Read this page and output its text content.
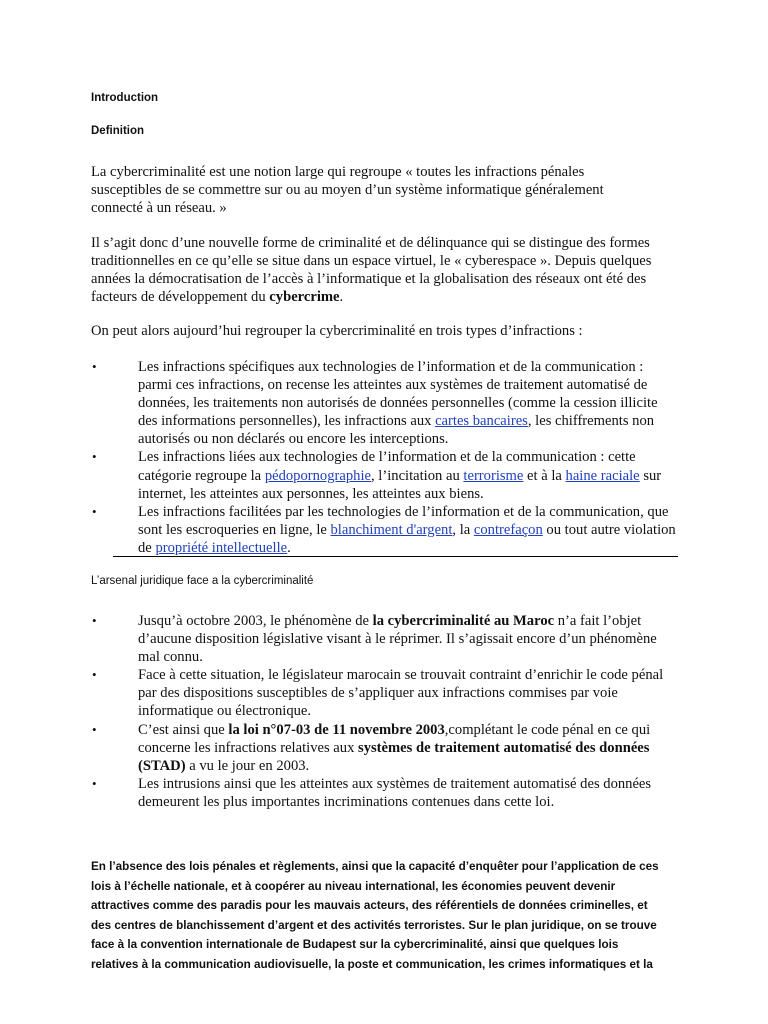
Introduction
Definition

La cybercriminalité est une notion large qui regroupe « toutes les infractions pénales susceptibles de se commettre sur ou au moyen d’un système informatique généralement connecté à un réseau. »

Il s’agit donc d’une nouvelle forme de criminalité et de délinquance qui se distingue des formes traditionnelles en ce qu’elle se situe dans un espace virtuel, le « cyberespace ». Depuis quelques années la démocratisation de l’accès à l’informatique et la globalisation des réseaux ont été des facteurs de développement du cybercrime.

On peut alors aujourd’hui regrouper la cybercriminalité en trois types d’infractions :

• Les infractions spécifiques aux technologies de l’information et de la communication : parmi ces infractions, on recense les atteintes aux systèmes de traitement automatisé de données, les traitements non autorisés de données personnelles (comme la cession illicite des informations personnelles), les infractions aux cartes bancaires, les chiffrements non autorisés ou non déclarés ou encore les interceptions.
• Les infractions liées aux technologies de l’information et de la communication : cette catégorie regroupe la pédopornographie, l’incitation au terrorisme et à la haine raciale sur internet, les atteintes aux personnes, les atteintes aux biens.
• Les infractions facilitées par les technologies de l’information et de la communication, que sont les escroqueries en ligne, le blanchiment d'argent, la contrefaçon ou tout autre violation de propriété intellectuelle.
L’arsenal juridique face a la cybercriminalité
• Jusqu’à octobre 2003, le phénomène de la cybercriminalité au Maroc n’a fait l’objet d’aucune disposition législative visant à le réprimer. Il s’agissait encore d’un phénomène mal connu.
• Face à cette situation, le législateur marocain se trouvait contraint d’enrichir le code pénal par des dispositions susceptibles de s’appliquer aux infractions commises par voie informatique ou électronique.
• C’est ainsi que la loi n°07-03 de 11 novembre 2003,complétant le code pénal en ce qui concerne les infractions relatives aux systèmes de traitement automatisé des données (STAD) a vu le jour en 2003.
• Les intrusions ainsi que les atteintes aux systèmes de traitement automatisé des données demeurent les plus importantes incriminations contenues dans cette loi.
En l’absence des lois pénales et règlements, ainsi que la capacité d’enquêter pour l’application de ces
lois à l’échelle nationale, et à coopérer au niveau international, les économies peuvent devenir
attractives comme des paradis pour les mauvais acteurs, des référentiels de données criminelles, et
des centres de blanchissement d’argent et des activités terroristes. Sur le plan juridique, on se trouve
face à la convention internationale de Budapest sur la cybercriminalité, ainsi que quelques lois
relatives à la communication audiovisuelle, la poste et communication, les crimes informatiques et la
